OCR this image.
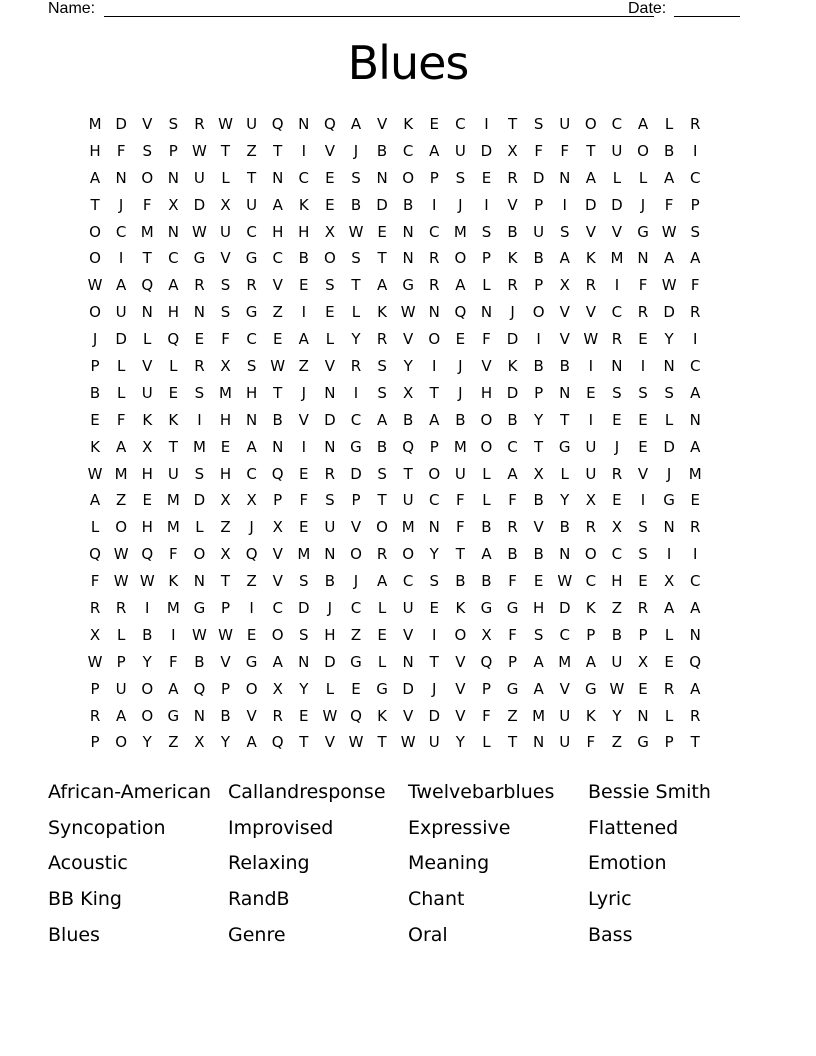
Name:	Date:
Blues
M D	V	S	R W U Q N Q	A	V	K	E	C	I	T	S	U O C	A	L	R
H	F	S	P W T	Z	T	I	V	J	B	C	A	U D	X	F	F	T	U O	B	I
A	N O N U	L	T	N	C	E	S	N O	P	S	E	R	D N	A	L	L	A	C
T	J	F	X	D	X	U	A	K	E	B	D	B	I	J	I	V	P	I	D D	J	F	P
O C M N W U	C	H H	X W E	N	C M S	B	U	S	V	V	G W S
O	I	T	C	G	V	G	C	B	O	S	T	N	R O	P	K	B	A	K M N	A	A
W A	Q	A	R	S	R	V	E	S	T	A	G	R	A	L	R	P	X	R	I	F W F
O U N H N	S	G	Z	I	E	L	K W N Q N	J	O	V	V	C	R	D	R
J	D	L	Q	E	F	C	E	A	L	Y	R	V	O	E	F	D	I	V W R	E	Y	I
P	L	V	L	R	X	S W Z	V	R	S	Y	I	J	V	K	B	B	I	N	I	N	C
B	L	U	E	S M H	T	J	N	I	S	X	T	J	H D	P	N	E	S	S	S	A
E	F	K	K	I	H N	B	V	D	C	A	B	A	B	O	B	Y	T	I	E	E	L	N
K	A	X	T	M E	A	N	I	N G	B	Q	P	M O C	T	G U	J	E	D	A
W M H U	S	H	C Q	E	R	D	S	T	O U	L	A	X	L	U	R	V	J	M
A	Z	E M D	X	X	P	F	S	P	T	U	C	F	L	F	B	Y	X	E	I	G	E
L	O H M	L	Z	J	X	E	U	V	O M N	F	B	R	V	B	R	X	S	N	R
Q W Q	F	O	X	Q	V M N O R O	Y	T	A	B	B	N O C	S	I	I
F W W K	N	T	Z	V	S	B	J	A	C	S	B	B	F	E W C	H	E	X	C
R	R	I	M G	P	I	C	D	J	C	L	U	E	K	G G H D	K	Z	R	A	A
X	L	B	I	W W E	O	S	H	Z	E	V	I	O	X	F	S	C	P	B	P	L	N
W P	Y	F	B	V	G	A	N D G	L	N	T	V	Q	P	A M A	U	X	E	Q
P	U O	A	Q	P	O	X	Y	L	E	G D	J	V	P	G	A	V	G W E	R	A
R	A	O G N	B	V	R	E W Q	K	V	D	V	F	Z M U	K	Y	N	L	R
P	O	Y	Z	X	Y	A	Q	T	V W T W U	Y	L	T	N U	F	Z	G	P	T
African-American Callandresponse	Twelvebarblues	Bessie Smith
Syncopation	Improvised	Expressive	Flattened
Acoustic	Relaxing	Meaning	Emotion
BB King	RandB	Chant	Lyric
Blues	Genre	Oral	Bass
